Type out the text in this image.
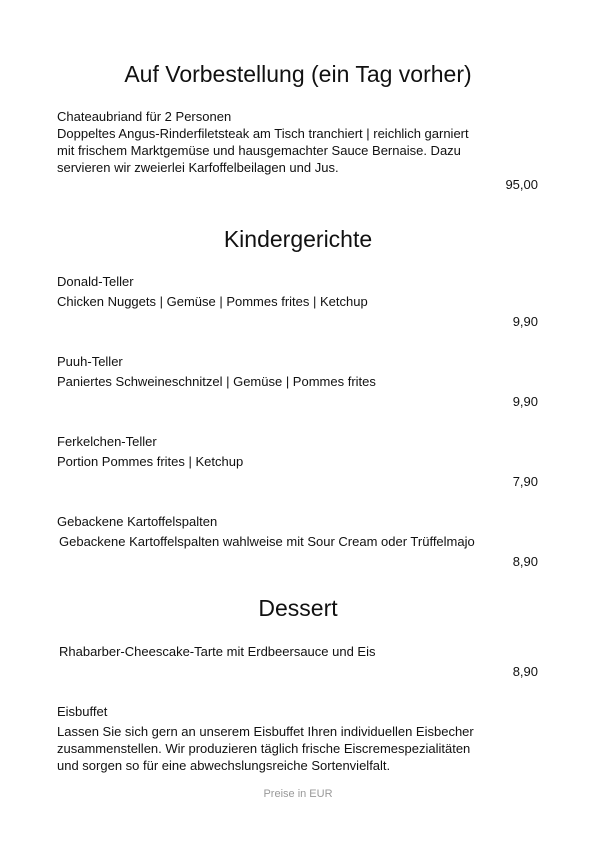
Auf Vorbestellung (ein Tag vorher)

Chateaubriand für 2 Personen

Doppeltes Angus-Rinderfiletsteak am Tisch tranchiert | reichlich garniert

mit frischem Marktgemüse und hausgemachter Sauce Bernaise. Dazu

servieren wir zweierlei Karfoffelbeilagen und Jus.

95,00

Kindergerichte

Donald-Teller

Chicken Nuggets | Gemüse | Pommes frites | Ketchup

9,90

Puuh-Teller

Paniertes Schweineschnitzel | Gemüse | Pommes frites

9,90

Ferkelchen-Teller

Portion Pommes frites | Ketchup

7,90

Gebackene Kartoffelspalten

Gebackene Kartoffelspalten wahlweise mit Sour Cream oder Trüffelmajo

8,90

Dessert

Rhabarber-Cheescake-Tarte mit Erdbeersauce und Eis

8,90

Eisbuffet

Lassen Sie sich gern an unserem Eisbuffet Ihren individuellen Eisbecher

zusammenstellen. Wir produzieren täglich frische Eiscremespezialitäten

und sorgen so für eine abwechslungsreiche Sortenvielfalt.

Preise in EUR
